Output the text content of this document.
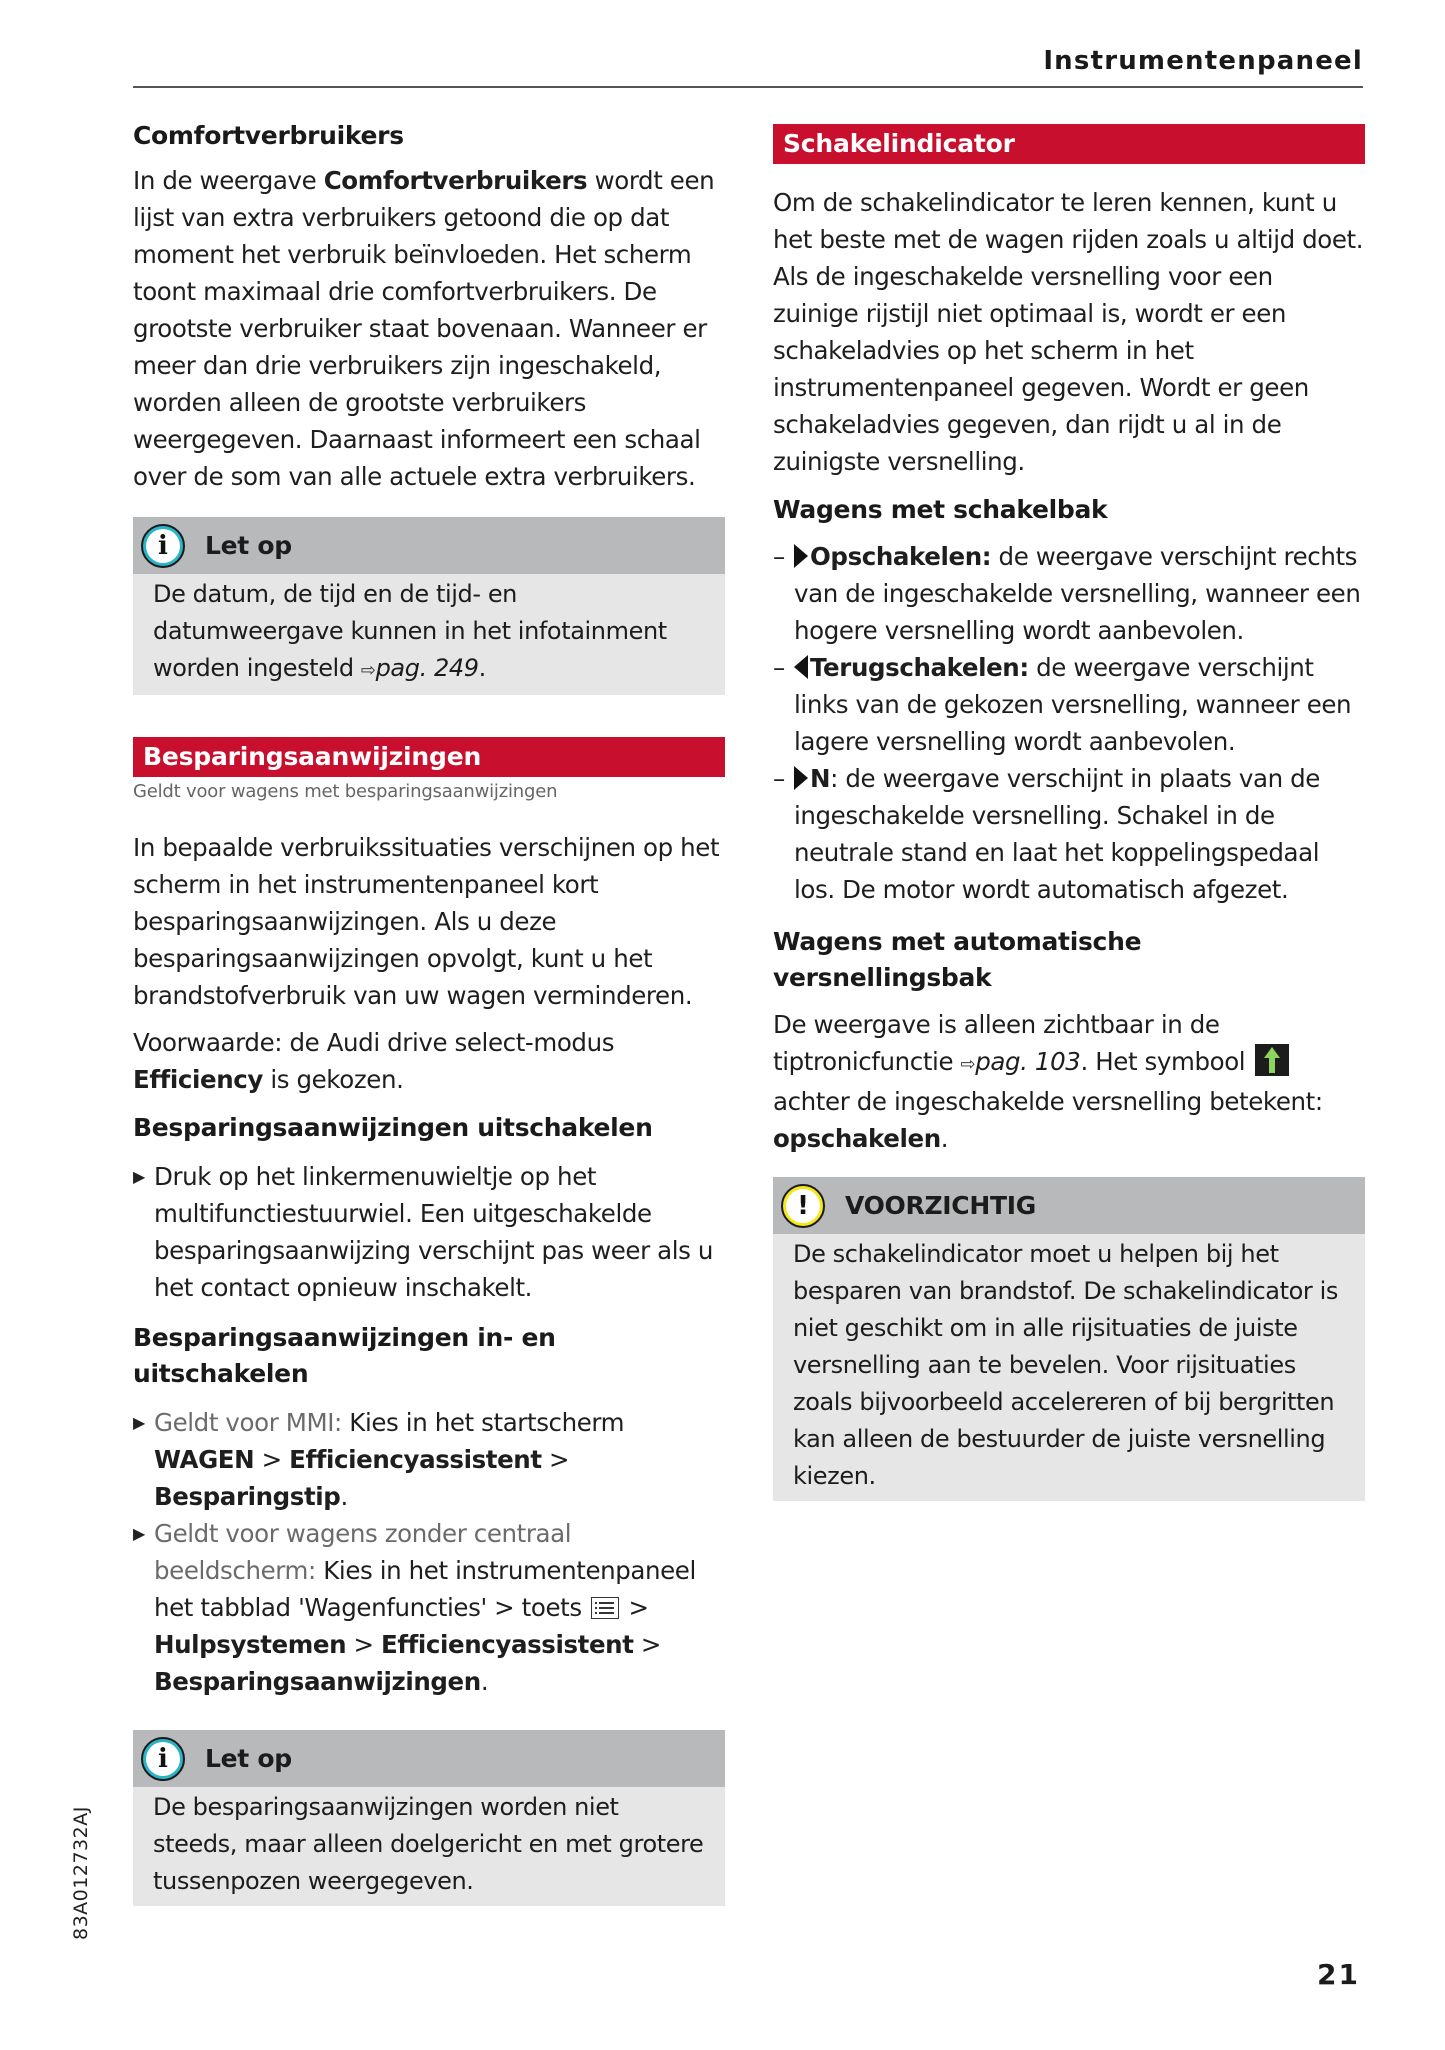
Instrumentenpaneel
Comfortverbruikers

In de weergave Comfortverbruikers wordt een lijst van extra verbruikers getoond die op dat moment het verbruik beïnvloeden. Het scherm toont maximaal drie comfortverbruikers. De grootste verbruiker staat bovenaan. Wanneer er meer dan drie verbruikers zijn ingeschakeld, worden alleen de grootste verbruikers weergegeven. Daarnaast informeert een schaal over de som van alle actuele extra verbruikers.

i	Let op
De datum, de tijd en de tijd- en datumweergave kunnen in het infotainment worden ingesteld ⇨pag. 249.
Besparingsaanwijzingen
Geldt voor wagens met besparingsaanwijzingen

In bepaalde verbruikssituaties verschijnen op het scherm in het instrumentenpaneel kort besparingsaanwijzingen. Als u deze besparingsaanwijzingen opvolgt, kunt u het brandstofverbruik van uw wagen verminderen.

Voorwaarde: de Audi drive select-modus Efficiency is gekozen.

Besparingsaanwijzingen uitschakelen
▶ Druk op het linkermenuwieltje op het multifunctiestuurwiel. Een uitgeschakelde besparingsaanwijzing verschijnt pas weer als u het contact opnieuw inschakelt.
Besparingsaanwijzingen in- en uitschakelen
▶ Geldt voor MMI: Kies in het startscherm WAGEN > Efficiencyassistent > Besparingstip.
▶ Geldt voor wagens zonder centraal beeldscherm: Kies in het instrumentenpaneel het tabblad 'Wagenfuncties' > toets
> Hulpsystemen > Efficiencyassistent > Besparingsaanwijzingen.
i	Let op
De besparingsaanwijzingen worden niet steeds, maar alleen doelgericht en met grotere tussenpozen weergegeven.
Schakelindicator

Om de schakelindicator te leren kennen, kunt u het beste met de wagen rijden zoals u altijd doet. Als de ingeschakelde versnelling voor een zuinige rijstijl niet optimaal is, wordt er een schakeladvies op het scherm in het instrumentenpaneel gegeven. Wordt er geen schakeladvies gegeven, dan rijdt u al in de zuinigste versnelling.

Wagens met schakelbak
–	Opschakelen: de weergave verschijnt rechts van de ingeschakelde versnelling, wanneer een hogere versnelling wordt aanbevolen.
–	Terugschakelen: de weergave verschijnt links van de gekozen versnelling, wanneer een lagere versnelling wordt aanbevolen.
–	N: de weergave verschijnt in plaats van de ingeschakelde versnelling. Schakel in de neutrale stand en laat het koppelingspedaal los. De motor wordt automatisch afgezet.
Wagens met automatische versnellingsbak

De weergave is alleen zichtbaar in de tiptronicfunctie ⇨pag. 103. Het symbool
achter de ingeschakelde versnelling betekent: opschakelen.

!	VOORZICHTIG
De schakelindicator moet u helpen bij het besparen van brandstof. De schakelindicator is niet geschikt om in alle rijsituaties de juiste versnelling aan te bevelen. Voor rijsituaties zoals bijvoorbeeld accelereren of bij bergritten kan alleen de bestuurder de juiste versnelling kiezen.
83A012732AJ
21
